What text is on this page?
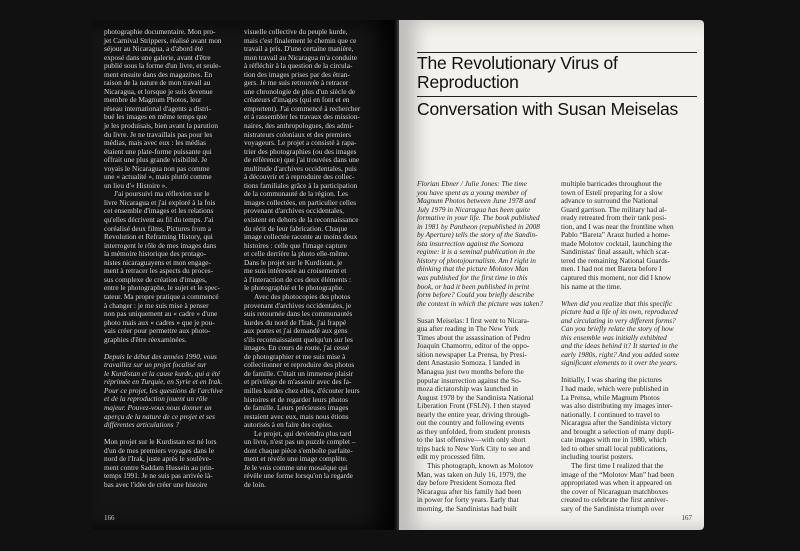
photographie documentaire. Mon pro-

jet Carnival Strippers, réalisé avant mon

séjour au Nicaragua, a d'abord été

exposé dans une galerie, avant d'être

publié sous la forme d'un livre, et seule-

ment ensuite dans des magazines. En

raison de la nature de mon travail au

Nicaragua, et lorsque je suis devenue

membre de Magnum Photos, leur

réseau international d'agents a distri-

bué les images en même temps que

je les produisais, bien avant la parution

du livre. Je ne travaillais pas pour les

médias, mais avec eux : les médias

étaient une plate-forme puissante qui

offrait une plus grande visibilité. Je

voyais le Nicaragua non pas comme

une « actualité », mais plutôt comme

un lieu d'« Histoire ».

J'ai poursuivi ma réflexion sur le

livre Nicaragua et j'ai exploré à la fois

cet ensemble d'images et les relations

qu'elles décrivent au fil du temps. J'ai

coréalisé deux films, Pictures from a

Revolution et Reframing History, qui

interrogent le rôle de mes images dans

la mémoire historique des protago-

nistes nicaraguayens et mon engage-

ment à retracer les aspects du proces-

sus complexe de création d'images,

entre le photographe, le sujet et le spec-

tateur. Ma propre pratique a commencé

à changer : je me suis mise à penser

non pas uniquement au « cadre » d'une

photo mais aux « cadres » que je pou-

vais créer pour permettre aux photo-

graphies d'être réexaminées.

Depuis le début des années 1990, vous

travaillez sur un projet focalisé sur

le Kurdistan et la cause kurde, qui a été

réprimée en Turquie, en Syrie et en Irak.

Pour ce projet, les questions de l'archive

et de la reproduction jouent un rôle

majeur. Pouvez-vous nous donner un

aperçu de la nature de ce projet et ses

différentes articulations ?

Mon projet sur le Kurdistan est né lors

d'un de mes premiers voyages dans le

nord de l'Irak, juste après le soulève-

ment contre Saddam Hussein au prin-

temps 1991. Je ne suis pas arrivée là-

bas avec l'idée de créer une histoire

visuelle collective du peuple kurde,

mais c'est finalement le chemin que ce

travail a pris. D'une certaine manière,

mon travail au Nicaragua m'a conduite

à réfléchir à la question de la circula-

tion des images prises par des étran-

gers. Je me suis retrouvée à retracer

une chronologie de plus d'un siècle de

créateurs d'images (qui en font et en

emportent). J'ai commencé à rechercher

et à rassembler les travaux des mission-

naires, des anthropologues, des admi-

nistrateurs coloniaux et des premiers

voyageurs. Le projet a consisté à rapa-

trier des photographies (ou des images

de référence) que j'ai trouvées dans une

multitude d'archives occidentales, puis

à découvrir et à reproduire des collec-

tions familiales grâce à la participation

de la communauté de la région. Les

images collectées, en particulier celles

provenant d'archives occidentales,

existent en dehors de la reconnaissance

du récit de leur fabrication. Chaque

image collectée raconte au moins deux

histoires : celle que l'image capture

et celle derrière la photo elle-même.

Dans le projet sur le Kurdistan, je

me suis intéressée au croisement et

à l'interaction de ces deux éléments :

le photographié et le photographe.

Avec des photocopies des photos

provenant d'archives occidentales, je

suis retournée dans les communautés

kurdes du nord de l'Irak, j'ai frappé

aux portes et j'ai demandé aux gens

s'ils reconnaissaient quelqu'un sur les

images. En cours de route, j'ai cessé

de photographier et me suis mise à

collectionner et reproduire des photos

de famille. C'était un immense plaisir

et privilège de m'asseoir avec des fa-

milles kurdes chez elles, d'écouter leurs

histoires et de regarder leurs photos

de famille. Leurs précieuses images

restaient avec eux, mais nous étions

autorisés à en faire des copies.

Le projet, qui deviendra plus tard

un livre, n'est pas un puzzle complet –

dont chaque pièce s'emboîte parfaite-

ment et révèle une image complète.

Je le vois comme une mosaïque qui

révèle une forme lorsqu'on la regarde

de loin.

166
The Revolutionary Virus of Reproduction
Conversation with Susan Meiselas

Florian Ebner / Julie Jones: The time

you have spent as a young member of

Magnum Photos between June 1978 and

July 1979 in Nicaragua has been quite

formative in your life. The book published

in 1981 by Pantheon (republished in 2008

by Aperture) tells the story of the Sandin-

ista insurrection against the Somoza

regime: it is a seminal publication in the

history of photojournalism. Am I right in

thinking that the picture Molotov Man

was published for the first time in this

book, or had it been published in print

form before? Could you briefly describe

the context in which the picture was taken?

Susan Meiselas: I first went to Nicara-

gua after reading in The New York

Times about the assassination of Pedro

Joaquín Chamorro, editor of the oppo-

sition newspaper La Prensa, by Presi-

dent Anastasio Somoza. I landed in

Managua just two months before the

popular insurrection against the So-

moza dictatorship was launched in

August 1978 by the Sandinista National

Liberation Front (FSLN). I then stayed

nearly the entire year, driving through-

out the country and following events

as they unfolded, from student protests

to the last offensive—with only short

trips back to New York City to see and

edit my processed film.

This photograph, known as Molotov

Man, was taken on July 16, 1979, the

day before President Somoza fled

Nicaragua after his family had been

in power for forty years. Early that

morning, the Sandinistas had built

multiple barricades throughout the

town of Estelí preparing for a slow

advance to surround the National

Guard garrison. The military had al-

ready retreated from their tank posi-

tion, and I was near the frontline when

Pablo “Bareta” Arauz hurled a home-

made Molotov cocktail, launching the

Sandinistas' final assault, which scat-

tered the remaining National Guards-

men. I had not met Bareta before I

captured this moment, nor did I know

his name at the time.

When did you realize that this specific

picture had a life of its own, reproduced

and circulating in very different forms?

Can you briefly relate the story of how

this ensemble was initially exhibited

and the ideas behind it? It started in the

early 1980s, right? And you added some

significant elements to it over the years.

Initially, I was sharing the pictures

I had made, which were published in

La Prensa, while Magnum Photos

was also distributing my images inter-

nationally. I continued to travel to

Nicaragua after the Sandinista victory

and brought a selection of many dupli-

cate images with me in 1980, which

led to other small local publications,

including tourist posters.

The first time I realized that the

image of the “Molotov Man” had been

appropriated was when it appeared on

the cover of Nicaraguan matchboxes

created to celebrate the first anniver-

sary of the Sandinista triumph over

167
